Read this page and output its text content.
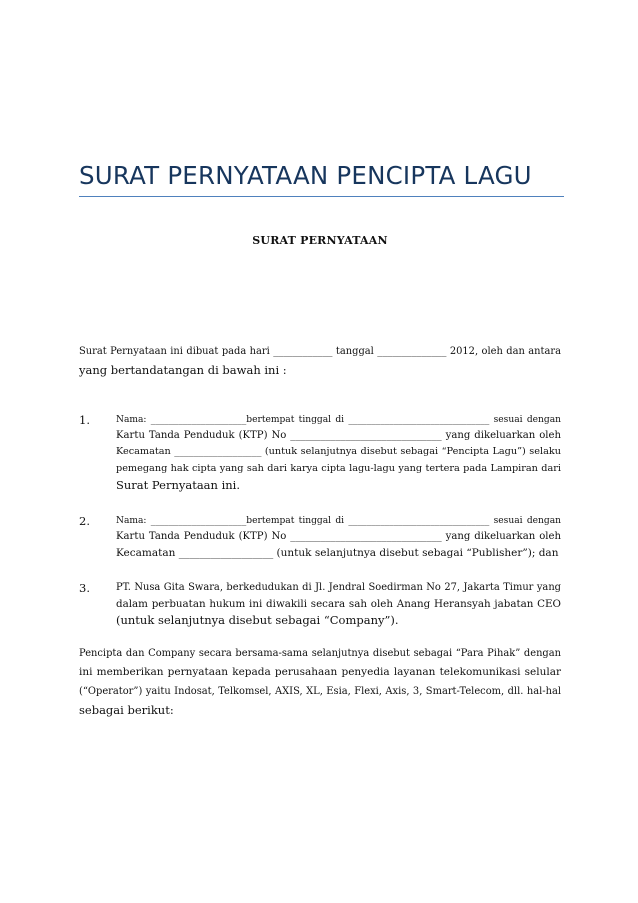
SURAT PERNYATAAN PENCIPTA LAGU
SURAT PERNYATAAN
Surat Pernyataan ini dibuat pada hari ____________ tanggal ______________ 2012, oleh dan antara
yang bertandatangan di bawah ini :
1.	Nama: _____________________bertempat tinggal di _______________________________ sesuai dengan
Kartu Tanda Penduduk (KTP) No ______________________________ yang dikeluarkan oleh
Kecamatan __________________ (untuk selanjutnya disebut sebagai “Pencipta Lagu”) selaku
pemegang hak cipta yang sah dari karya cipta lagu-lagu yang tertera pada Lampiran dari
Surat Pernyataan ini.
2.	Nama: _____________________bertempat tinggal di _______________________________ sesuai dengan
Kartu Tanda Penduduk (KTP) No ______________________________ yang dikeluarkan oleh
Kecamatan __________________ (untuk selanjutnya disebut sebagai “Publisher”); dan
3.	PT. Nusa Gita Swara, berkedudukan di Jl. Jendral Soedirman No 27, Jakarta Timur yang
dalam perbuatan hukum ini diwakili secara sah oleh Anang Heransyah jabatan CEO
(untuk selanjutnya disebut sebagai “Company”).
Pencipta dan Company secara bersama-sama selanjutnya disebut sebagai “Para Pihak” dengan
ini memberikan pernyataan kepada perusahaan penyedia layanan telekomunikasi selular
(“Operator”) yaitu Indosat, Telkomsel, AXIS, XL, Esia, Flexi, Axis, 3, Smart-Telecom, dll. hal-hal
sebagai berikut:
